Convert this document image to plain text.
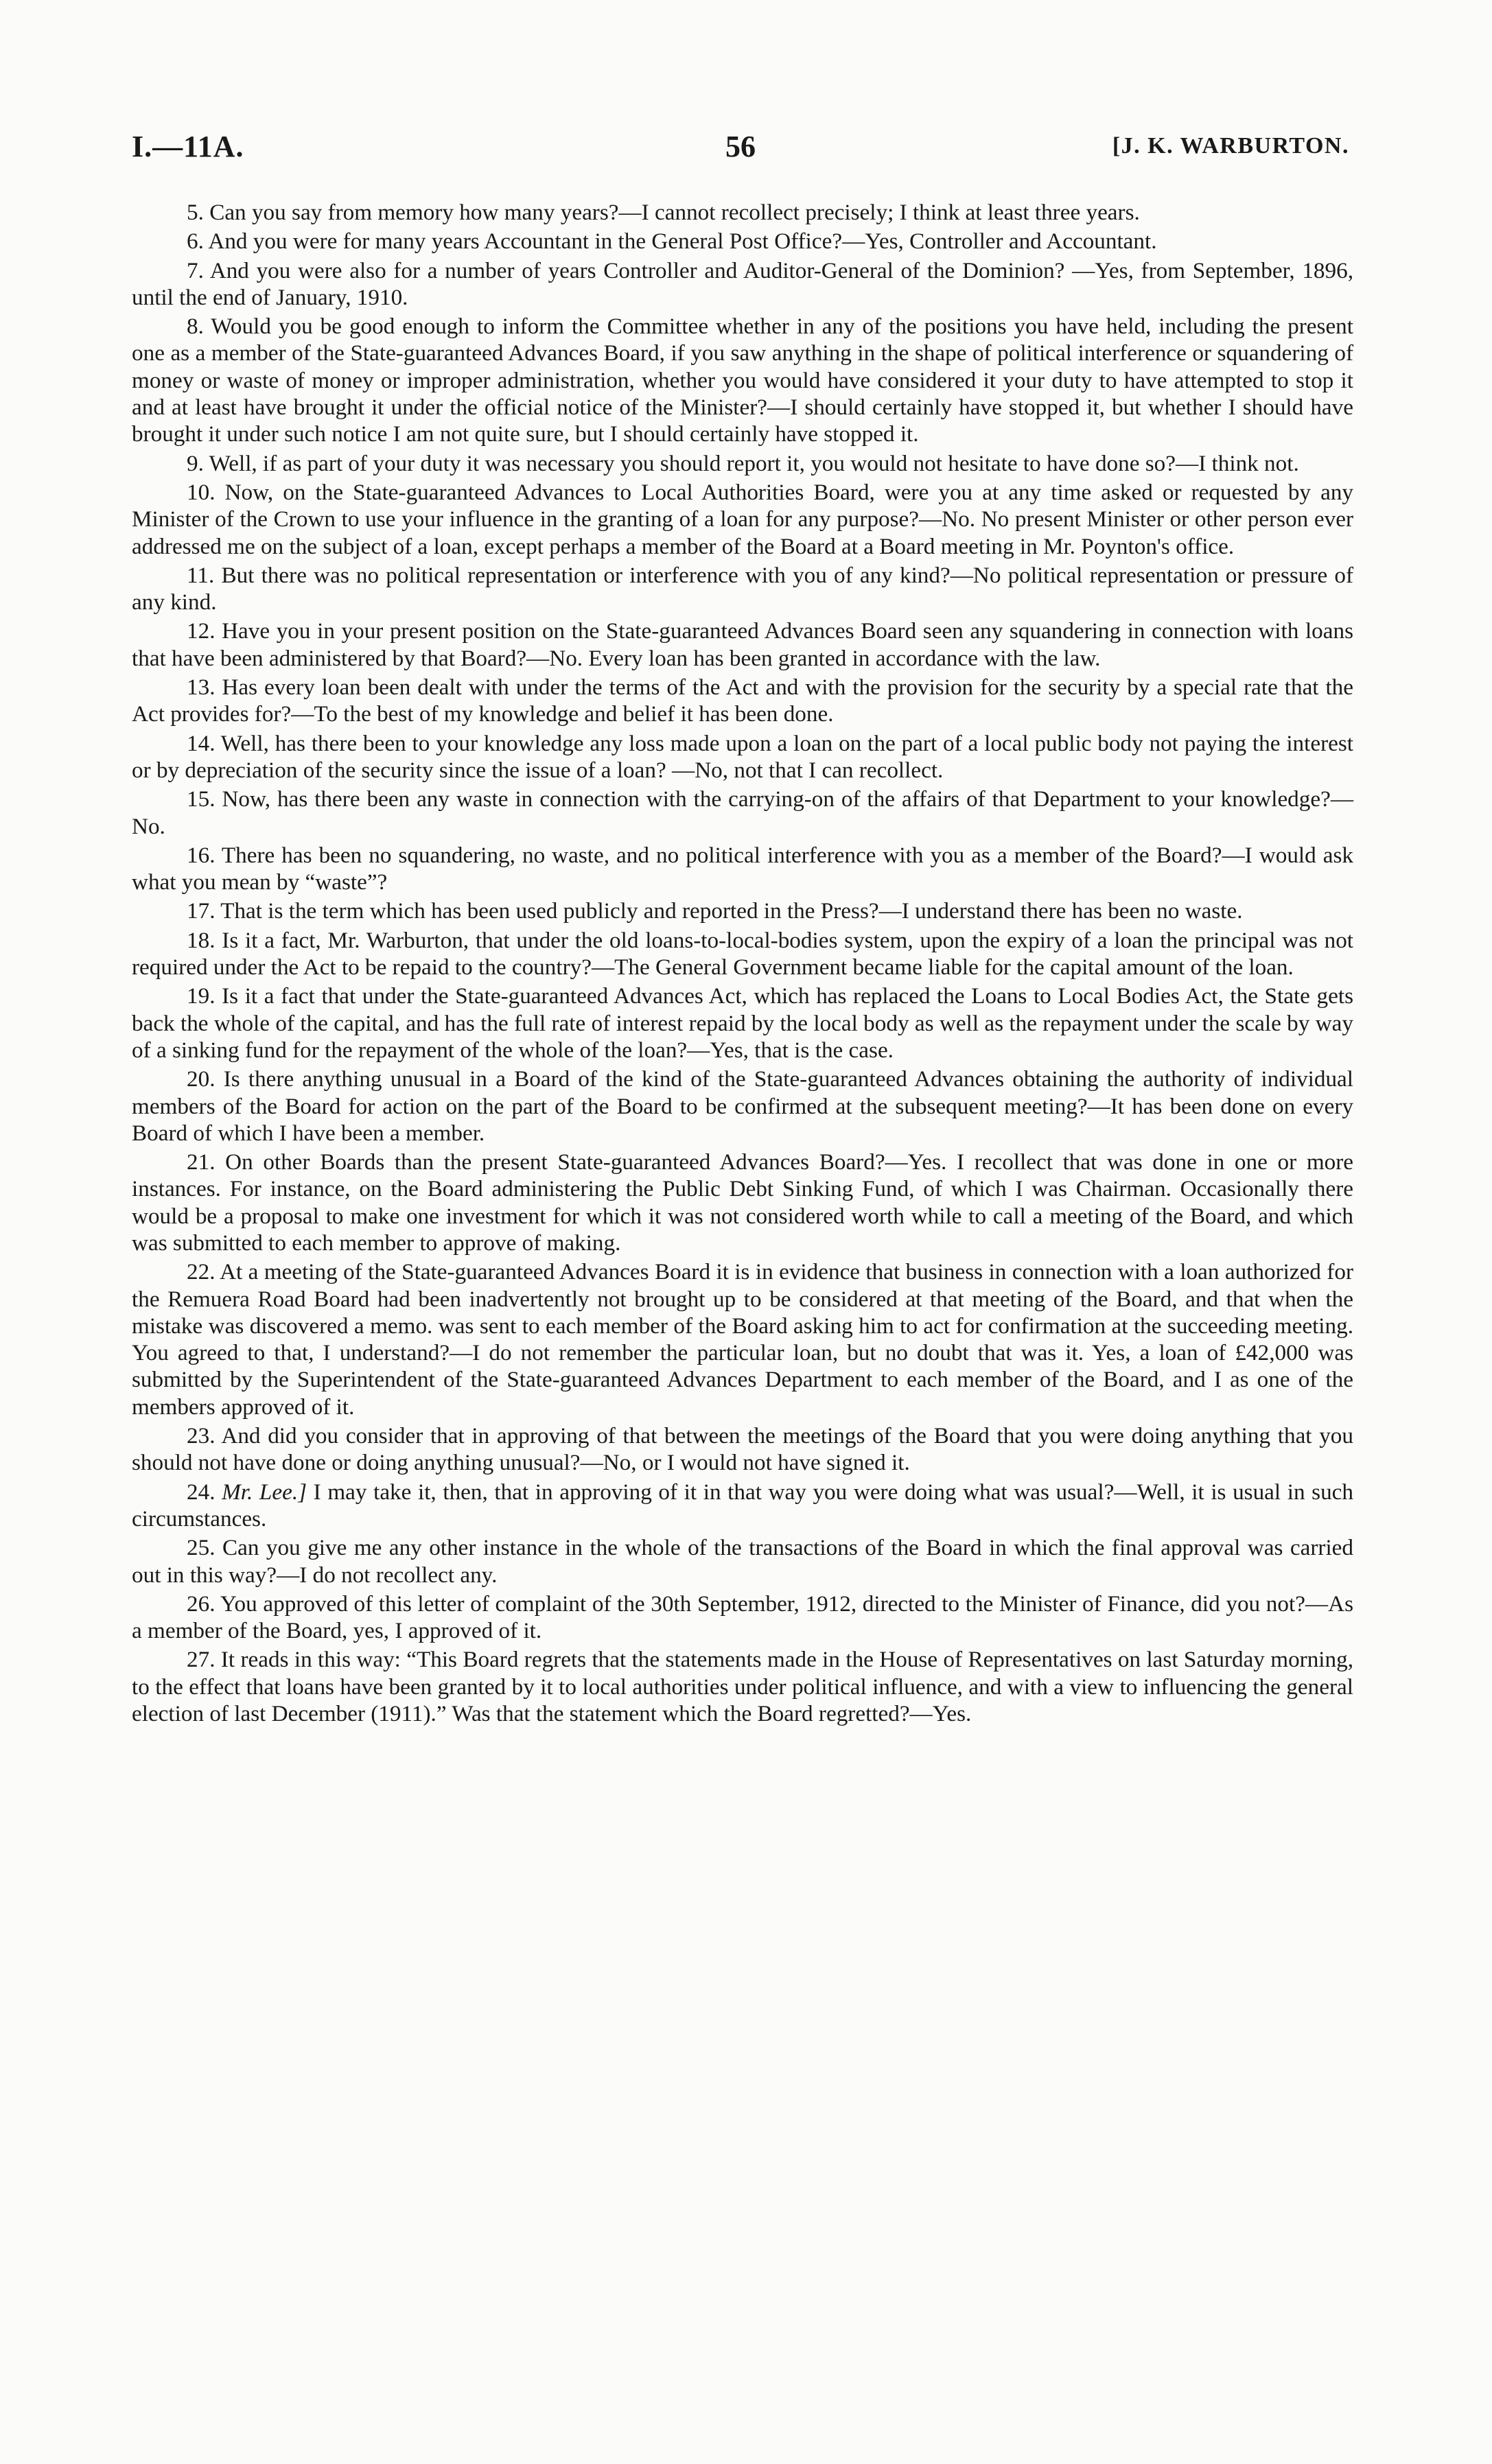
I.—11A.	56	[J. K. WARBURTON.

5. Can you say from memory how many years?—I cannot recollect precisely; I think at least three years.

6. And you were for many years Accountant in the General Post Office?—Yes, Controller and Accountant.

7. And you were also for a number of years Controller and Auditor-General of the Dominion? —Yes, from September, 1896, until the end of January, 1910.

8. Would you be good enough to inform the Committee whether in any of the positions you have held, including the present one as a member of the State-guaranteed Advances Board, if you saw anything in the shape of political interference or squandering of money or waste of money or improper administration, whether you would have considered it your duty to have attempted to stop it and at least have brought it under the official notice of the Minister?—I should certainly have stopped it, but whether I should have brought it under such notice I am not quite sure, but I should certainly have stopped it.

9. Well, if as part of your duty it was necessary you should report it, you would not hesitate to have done so?—I think not.

10. Now, on the State-guaranteed Advances to Local Authorities Board, were you at any time asked or requested by any Minister of the Crown to use your influence in the granting of a loan for any purpose?—No. No present Minister or other person ever addressed me on the subject of a loan, except perhaps a member of the Board at a Board meeting in Mr. Poynton's office.

11. But there was no political representation or interference with you of any kind?—No political representation or pressure of any kind.

12. Have you in your present position on the State-guaranteed Advances Board seen any squandering in connection with loans that have been administered by that Board?—No. Every loan has been granted in accordance with the law.

13. Has every loan been dealt with under the terms of the Act and with the provision for the security by a special rate that the Act provides for?—To the best of my knowledge and belief it has been done.

14. Well, has there been to your knowledge any loss made upon a loan on the part of a local public body not paying the interest or by depreciation of the security since the issue of a loan? —No, not that I can recollect.

15. Now, has there been any waste in connection with the carrying-on of the affairs of that Department to your knowledge?—No.

16. There has been no squandering, no waste, and no political interference with you as a member of the Board?—I would ask what you mean by “waste”?

17. That is the term which has been used publicly and reported in the Press?—I understand there has been no waste.

18. Is it a fact, Mr. Warburton, that under the old loans-to-local-bodies system, upon the expiry of a loan the principal was not required under the Act to be repaid to the country?—The General Government became liable for the capital amount of the loan.

19. Is it a fact that under the State-guaranteed Advances Act, which has replaced the Loans to Local Bodies Act, the State gets back the whole of the capital, and has the full rate of interest repaid by the local body as well as the repayment under the scale by way of a sinking fund for the repayment of the whole of the loan?—Yes, that is the case.

20. Is there anything unusual in a Board of the kind of the State-guaranteed Advances obtaining the authority of individual members of the Board for action on the part of the Board to be confirmed at the subsequent meeting?—It has been done on every Board of which I have been a member.

21. On other Boards than the present State-guaranteed Advances Board?—Yes. I recollect that was done in one or more instances. For instance, on the Board administering the Public Debt Sinking Fund, of which I was Chairman. Occasionally there would be a proposal to make one investment for which it was not considered worth while to call a meeting of the Board, and which was submitted to each member to approve of making.

22. At a meeting of the State-guaranteed Advances Board it is in evidence that business in connection with a loan authorized for the Remuera Road Board had been inadvertently not brought up to be considered at that meeting of the Board, and that when the mistake was discovered a memo. was sent to each member of the Board asking him to act for confirmation at the succeeding meeting. You agreed to that, I understand?—I do not remember the particular loan, but no doubt that was it. Yes, a loan of £42,000 was submitted by the Superintendent of the State-guaranteed Advances Department to each member of the Board, and I as one of the members approved of it.

23. And did you consider that in approving of that between the meetings of the Board that you were doing anything that you should not have done or doing anything unusual?—No, or I would not have signed it.

24. Mr. Lee.] I may take it, then, that in approving of it in that way you were doing what was usual?—Well, it is usual in such circumstances.

25. Can you give me any other instance in the whole of the transactions of the Board in which the final approval was carried out in this way?—I do not recollect any.

26. You approved of this letter of complaint of the 30th September, 1912, directed to the Minister of Finance, did you not?—As a member of the Board, yes, I approved of it.

27. It reads in this way: “This Board regrets that the statements made in the House of Representatives on last Saturday morning, to the effect that loans have been granted by it to local authorities under political influence, and with a view to influencing the general election of last December (1911).” Was that the statement which the Board regretted?—Yes.
